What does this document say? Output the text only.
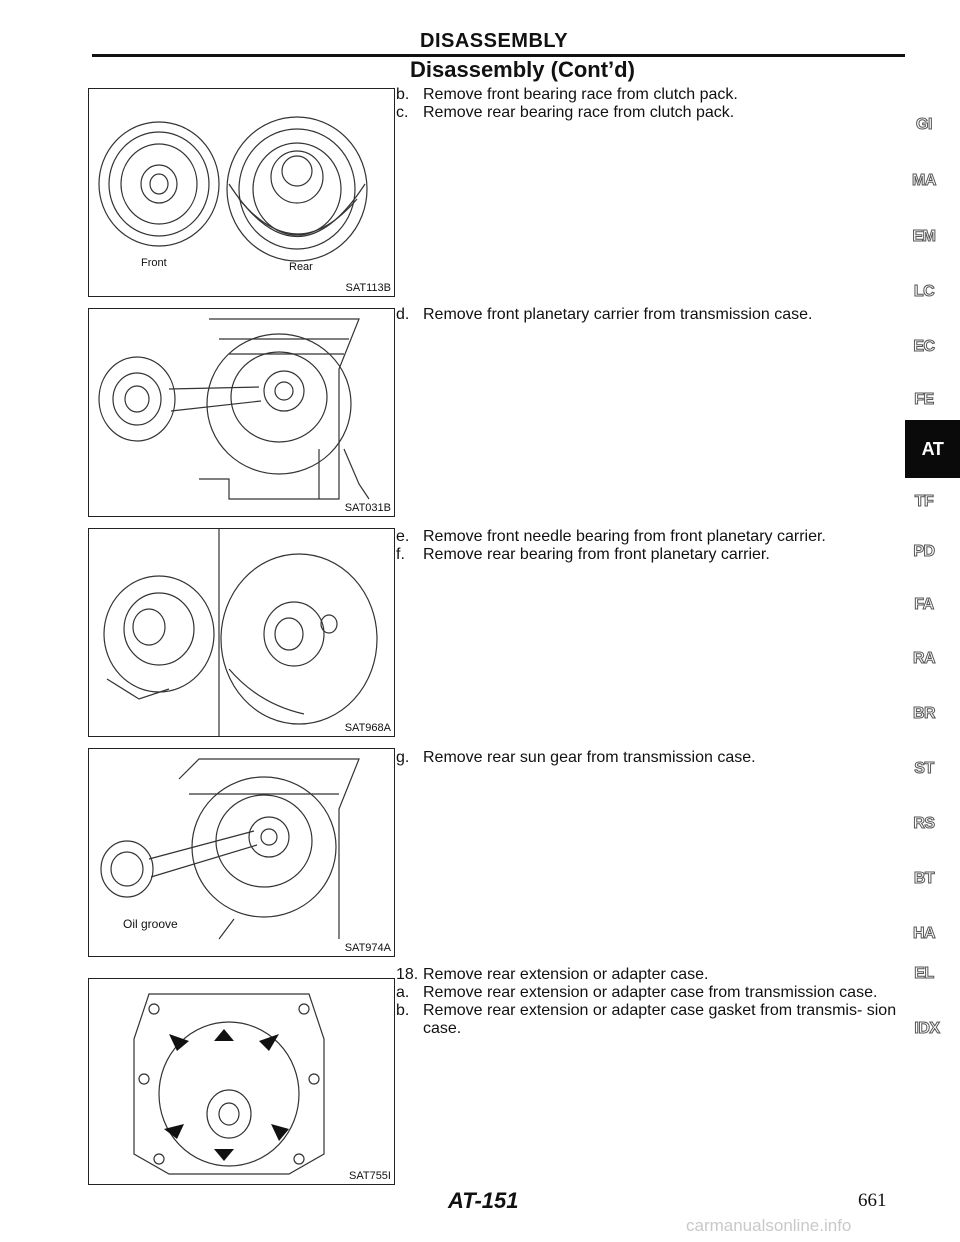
DISASSEMBLY
Disassembly (Cont’d)
Front	Rear
SAT113B
SAT031B
SAT968A
Oil groove
SAT974A
SAT755I
b. Remove front bearing race from clutch pack.
c. Remove rear bearing race from clutch pack.
d. Remove front planetary carrier from transmission case.
e. Remove front needle bearing from front planetary carrier.
f.	Remove rear bearing from front planetary carrier.
g. Remove rear sun gear from transmission case.
18. Remove rear extension or adapter case.
a. Remove rear extension or adapter case from transmission case.
b. Remove rear extension or adapter case gasket from transmis- sion case.
GI
MA
EM
LC
EC
FE
AT
TF
PD
FA
RA
BR
ST
RS
BT
HA
EL
IDX
AT-151	661
carmanualsonline.info
